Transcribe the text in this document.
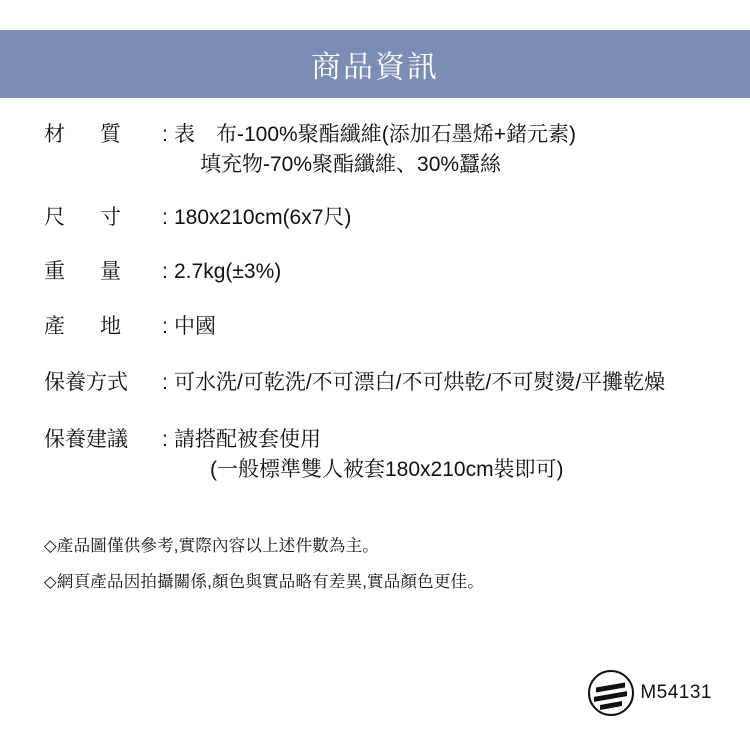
商品資訊
材      質	: 表　布-100%聚酯纖維(添加石墨烯+鍺元素)
填充物-70%聚酯纖維、30%蠶絲
尺      寸	: 180x210cm(6x7尺)
重      量	: 2.7kg(±3%)
產      地	: 中國
保養方式	: 可水洗/可乾洗/不可漂白/不可烘乾/不可熨燙/平攤乾燥
保養建議	: 請搭配被套使用
(一般標準雙人被套180x210cm裝即可)
◇產品圖僅供參考,實際內容以上述件數為主。
◇網頁產品因拍攝關係,顏色與實品略有差異,實品顏色更佳。
M54131
